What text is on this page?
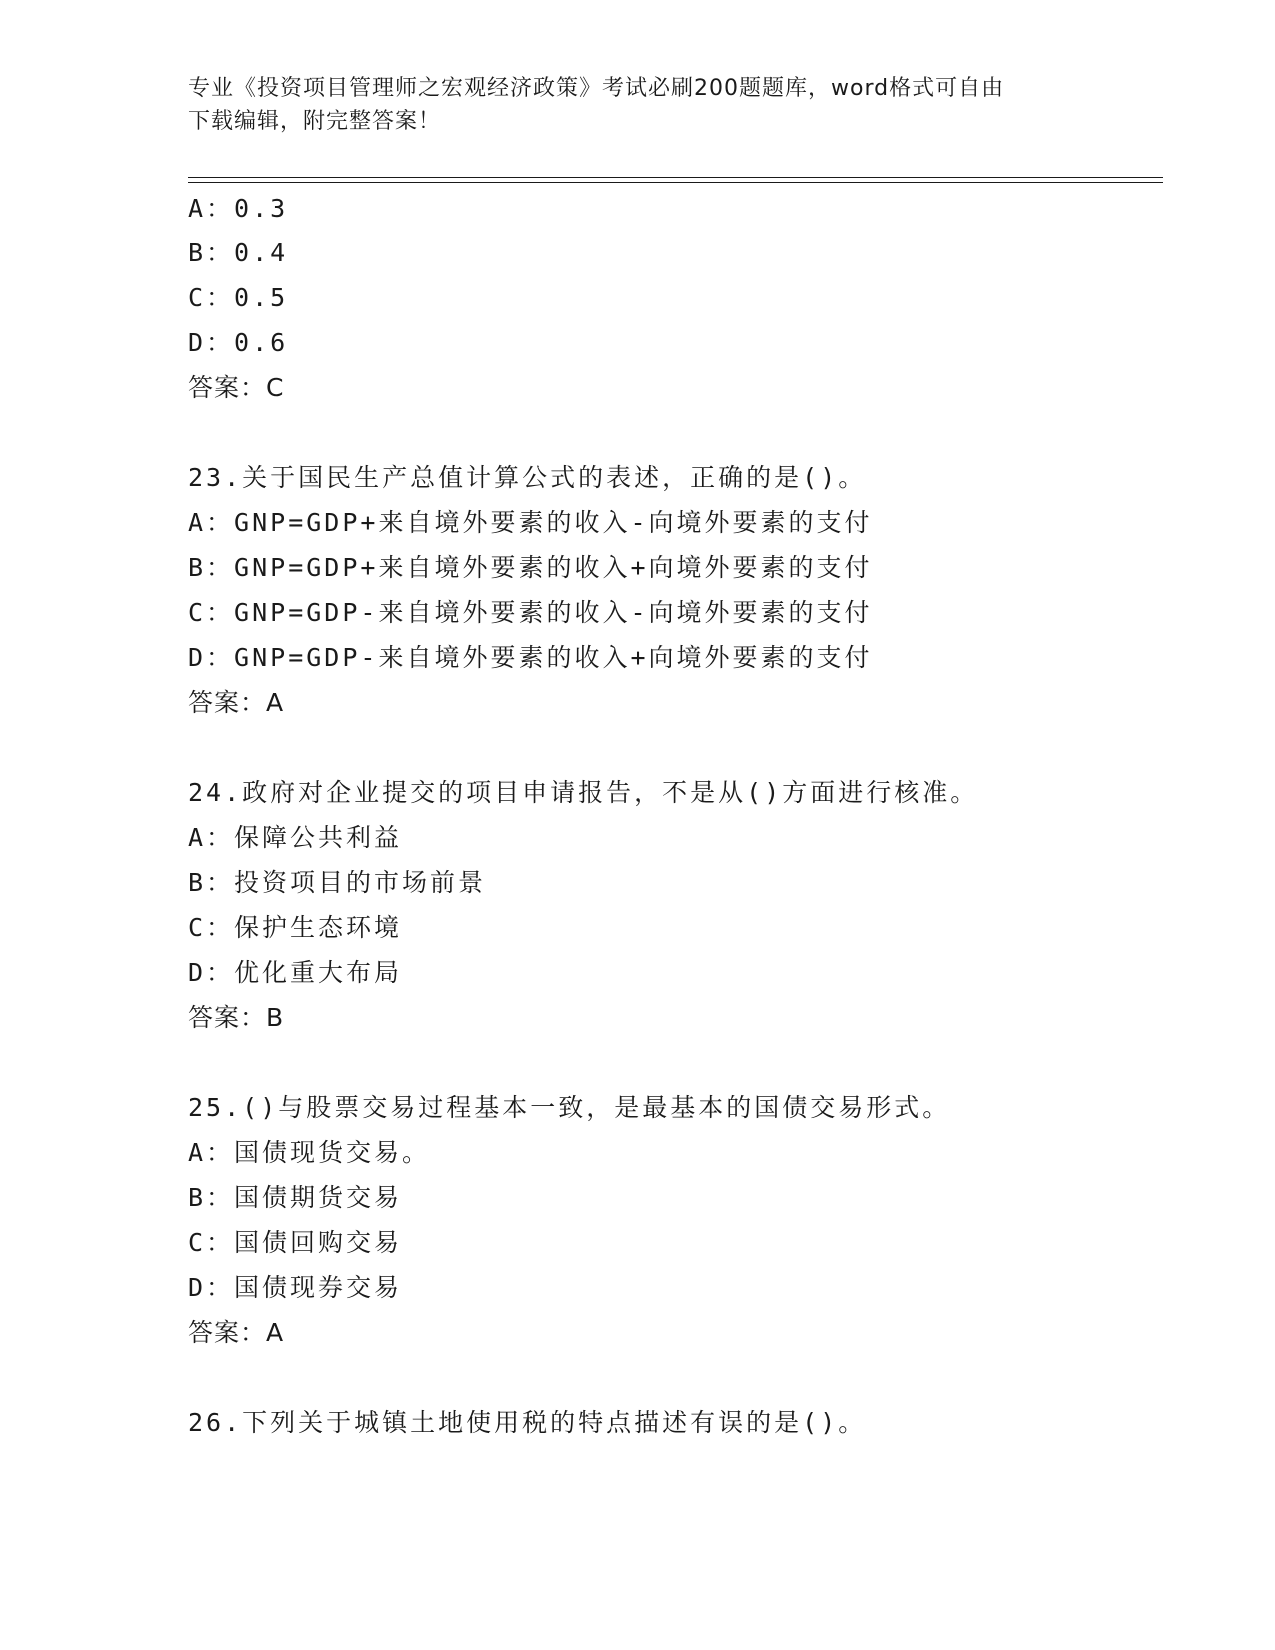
专业《投资项目管理师之宏观经济政策》考试必刷200题题库，word格式可自由
下载编辑，附完整答案！
A：0.3
B：0.4
C：0.5
D：0.6
答案：C
23.关于国民生产总值计算公式的表述，正确的是()。
A：GNP=GDP+来自境外要素的收入-向境外要素的支付
B：GNP=GDP+来自境外要素的收入+向境外要素的支付
C：GNP=GDP-来自境外要素的收入-向境外要素的支付
D：GNP=GDP-来自境外要素的收入+向境外要素的支付
答案：A
24.政府对企业提交的项目申请报告，不是从()方面进行核准。
A：保障公共利益
B：投资项目的市场前景
C：保护生态环境
D：优化重大布局
答案：B
25.()与股票交易过程基本一致，是最基本的国债交易形式。
A：国债现货交易。
B：国债期货交易
C：国债回购交易
D：国债现券交易
答案：A
26.下列关于城镇土地使用税的特点描述有误的是()。
